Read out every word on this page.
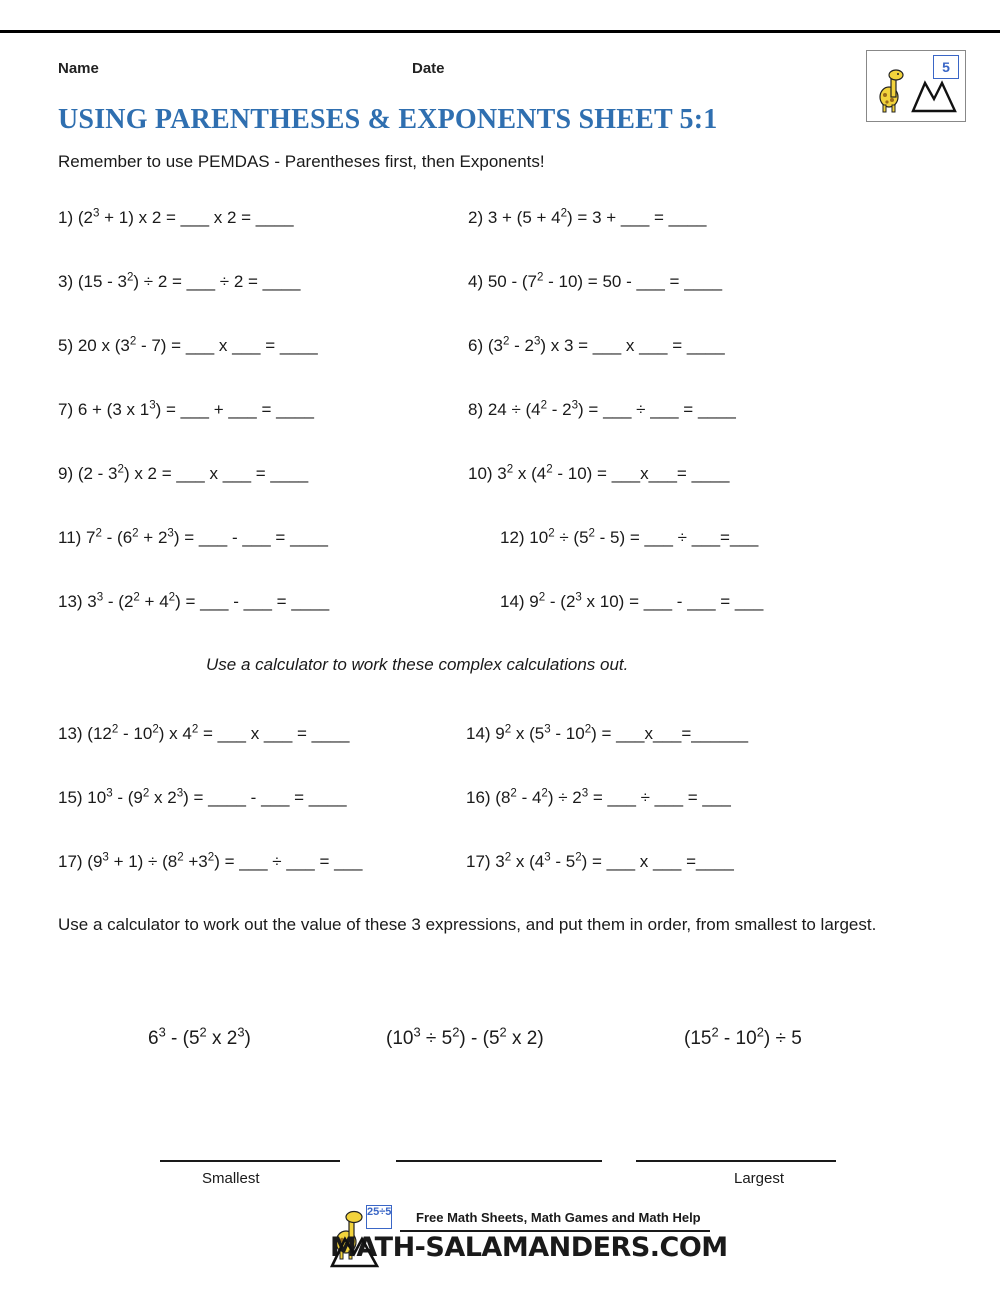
Name	Date	5
USING PARENTHESES & EXPONENTS SHEET 5:1
Remember to use PEMDAS - Parentheses first, then Exponents!
1) $(2^3 + 1)$ x 2 = ___ x 2 = ____	2) $3 + (5 + 4^2) = 3$ + ___ = ____
3) $(15 - 3^2) \div 2$ = ___ ÷ 2 = ____	4) $50 - (7^2 - 10) = 50$ - ___ = ____
5) 20 x $(3^2 - 7)$ = ___ x ___ = ____	6) $(3^2 - 2^3)$ x 3 = ___ x ___ = ____
7) 6 + (3 x $1^3$) = ___ + ___ = ____	8) $24 \div (4^2 - 2^3)$ = ___ ÷ ___ = ____
9) $(2 - 3^2)$ x 2 = ___ x ___ = ____	10) $3^2$ x $(4^2 - 10)$ = ___x___= ____
11) $7^2 - (6^2 + 2^3)$ = ___ - ___ = ____	12) $10^2 \div (5^2 - 5)$ = ___ ÷ ___=___
13) $3^3 - (2^2 + 4^2)$ = ___ - ___ = ____	14) $9^2 - (2^3$ x 10) = ___ - ___ = ___
Use a calculator to work these complex calculations out.
13) $(12^2 - 10^2)$ x $4^2$ = ___ x ___ = ____	14) $9^2$ x $(5^3 - 10^2)$ = ___x___=______
15) $10^3 - (9^2$ x $2^3$) = ____ - ___ = ____	16) $(8^2 - 4^2) \div 2^3$ = ___ ÷ ___ = ___
17) $(9^3 + 1) \div (8^2 +3^2)$ = ___ ÷ ___ = ___	17) $3^2$ x $(4^3 - 5^2)$ = ___ x ___ =____
Use a calculator to work out the value of these 3 expressions, and put them in order, from smallest to largest.
$6^3 - (5^2$ x $2^3$)	$(10^3 \div 5^2) - (5^2$ x 2)	$(15^2 - 10^2) \div 5$
Smallest	Largest
25÷5 Free Math Sheets, Math Games and Math Help
MATH-SALAMANDERS.COM
